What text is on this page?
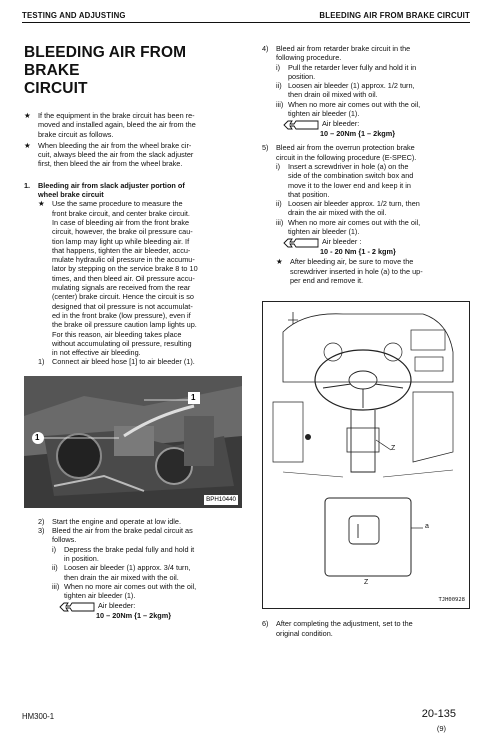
TESTING AND ADJUSTING	BLEEDING AIR FROM BRAKE CIRCUIT
BLEEDING AIR FROM BRAKE
CIRCUIT
★ If the equipment in the brake circuit has been re-
moved and installed again, bleed the air from the
brake circuit as follows.
★ When bleeding the air from the wheel brake cir-
cuit, always bleed the air from the slack adjuster
first, then bleed the air from the wheel brake.
1. Bleeding air from slack adjuster portion of
wheel brake circuit
★ Use the same procedure to measure the
front brake circuit, and center brake circuit.
In case of bleeding air from the front brake
circuit, however, the brake oil pressure cau-
tion lamp may light up while bleeding air. If
that happens, tighten the air bleeder, accu-
mulate hydraulic oil pressure in the accumu-
lator by stepping on the service brake 8 to 10
times, and then bleed air. Oil pressure accu-
mulating signals are received from the rear
(center) brake circuit. Hence the circuit is so
designed that oil pressure is not accumulat-
ed in the front brake (low pressure), even if
the brake oil pressure caution lamp lights up.
For this reason, air bleeding takes place
without accumulating oil pressure, resulting
in not effective air bleeding.
1) Connect air bleed hose [1] to air bleeder (1).
1
1
BPH10440
2) Start the engine and operate at low idle.
3) Bleed the air from the brake pedal circuit as
follows.
i) Depress the brake pedal fully and hold it
in position.
ii) Loosen air bleeder (1) approx. 3/4 turn,
then drain the air mixed with the oil.
iii) When no more air comes out with the oil,
tighten air bleeder (1).
Air bleeder:
10 – 20Nm {1 – 2kgm}
4) Bleed air from retarder brake circuit in the
following procedure.
i) Pull the retarder lever fully and hold it in
position.
ii) Loosen air bleeder (1) approx. 1/2 turn,
then drain oil mixed with oil.
iii) When no more air comes out with the oil,
tighten air bleeder (1).
Air bleeder:
10 – 20Nm {1 – 2kgm}
5) Bleed air from the overrun protection brake
circuit in the following procedure (E-SPEC).
i) Insert a screwdriver in hole (a) on the
side of the combination switch box and
move it to the lower end and keep it in
that position.
ii) Loosen air bleeder approx. 1/2 turn, then
drain the air mixed with the oil.
iii) When no more air comes out with the oil,
tighten air bleeder (1).
Air bleeder :
10 - 20 Nm {1 - 2 kgm}
★ After bleeding air, be sure to move the
screwdriver inserted in hole (a) to the up-
per end and remove it.
Z
a
Z
TJH00928
6) After completing the adjustment, set to the
original condition.
HM300-1	20-135
(9)
